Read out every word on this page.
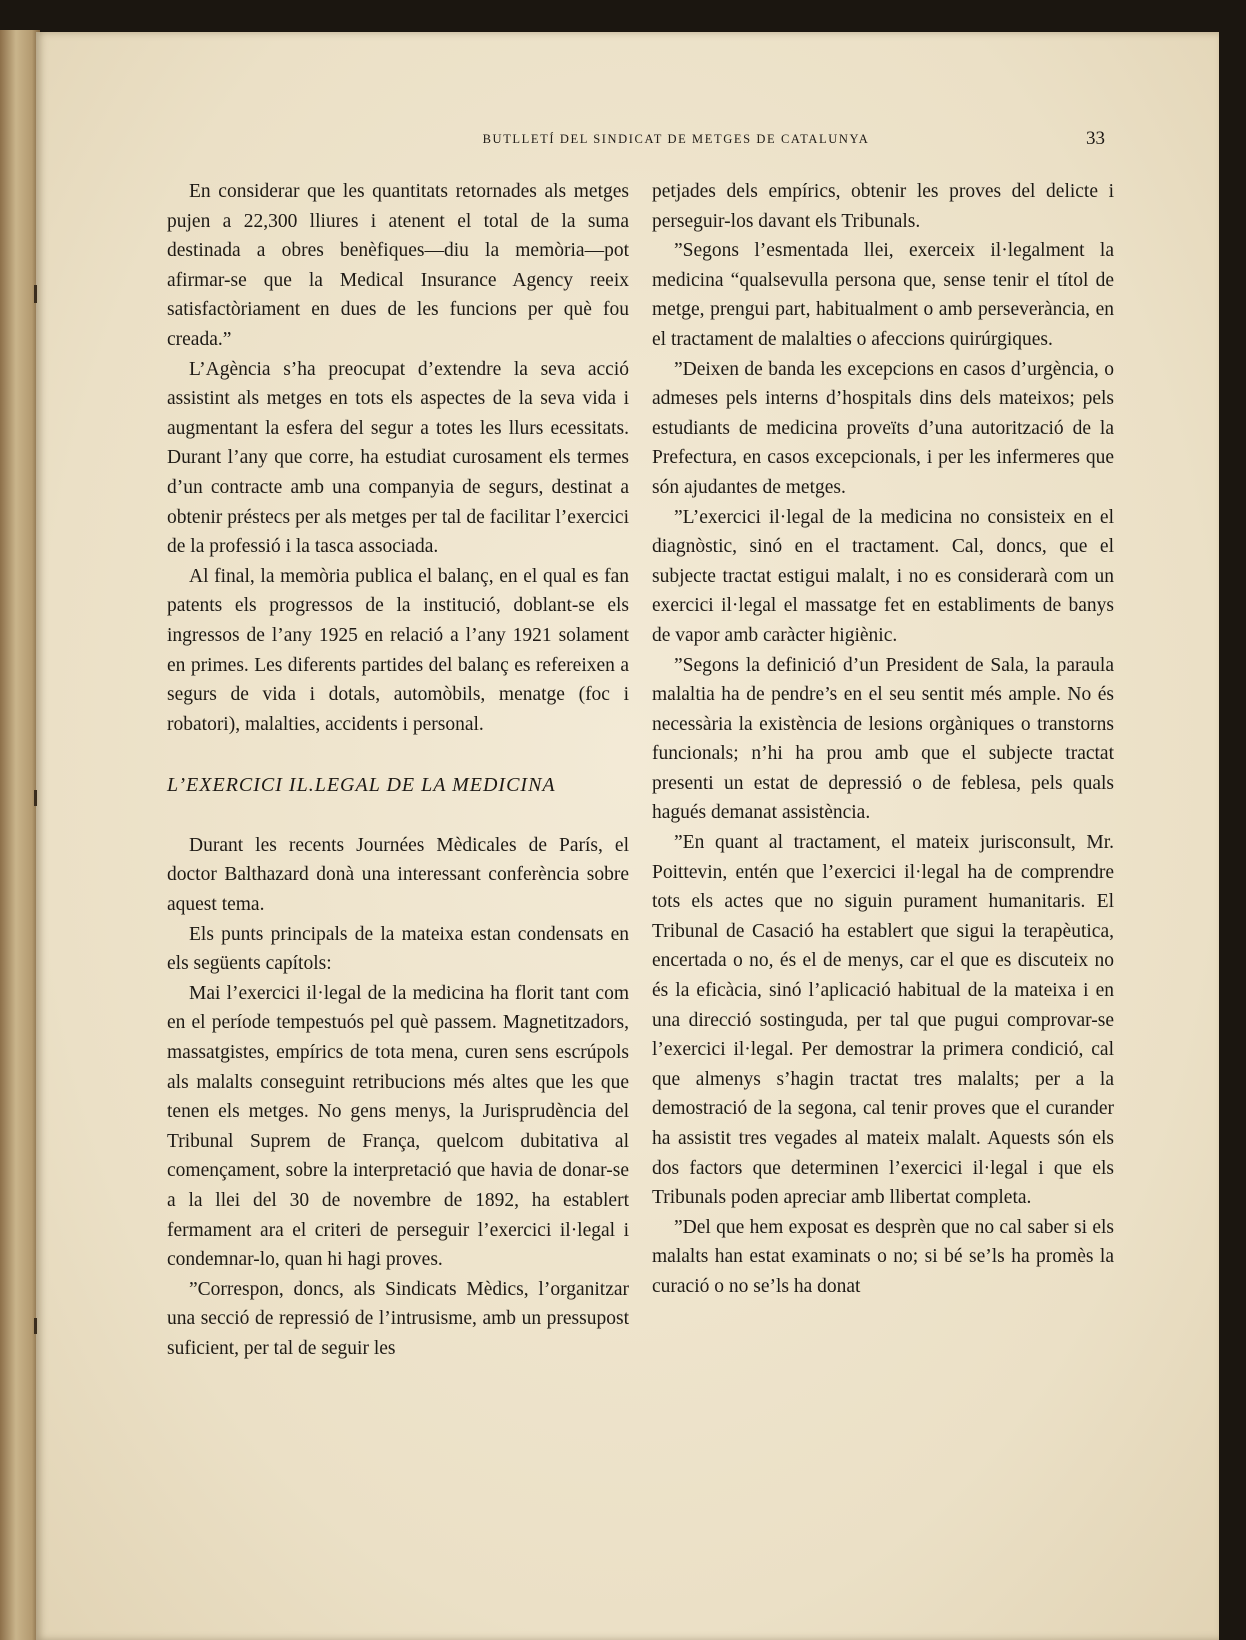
BUTLLETÍ DEL SINDICAT DE METGES DE CATALUNYA	33

En considerar que les quantitats retornades als metges pujen a 22,300 lliures i atenent el total de la suma destinada a obres benèfiques—diu la memòria—pot afirmar-se que la Medical Insurance Agency reeix satisfactòriament en dues de les funcions per què fou creada.”

L’Agència s’ha preocupat d’extendre la seva acció assistint als metges en tots els aspectes de la seva vida i augmentant la esfera del segur a totes les llurs ecessitats. Durant l’any que corre, ha estudiat curosament els termes d’un contracte amb una companyia de segurs, destinat a obtenir préstecs per als metges per tal de facilitar l’exercici de la professió i la tasca associada.

Al final, la memòria publica el balanç, en el qual es fan patents els progressos de la institució, doblant-se els ingressos de l’any 1925 en relació a l’any 1921 solament en primes. Les diferents partides del balanç es refereixen a segurs de vida i dotals, automòbils, menatge (foc i robatori), malalties, accidents i personal.

L’EXERCICI IL.LEGAL DE LA MEDICINA

Durant les recents Journées Mèdicales de París, el doctor Balthazard donà una interessant conferència sobre aquest tema.

Els punts principals de la mateixa estan condensats en els següents capítols:

Mai l’exercici il·legal de la medicina ha florit tant com en el període tempestuós pel què passem. Magnetitzadors, massatgistes, empírics de tota mena, curen sens escrúpols als malalts conseguint retribucions més altes que les que tenen els metges. No gens menys, la Jurisprudència del Tribunal Suprem de França, quelcom dubitativa al començament, sobre la interpretació que havia de donar-se a la llei del 30 de novembre de 1892, ha establert fermament ara el criteri de perseguir l’exercici il·legal i condemnar-lo, quan hi hagi proves.

”Correspon, doncs, als Sindicats Mèdics, l’organitzar una secció de repressió de l’intrusisme, amb un pressupost suficient, per tal de seguir les

petjades dels empírics, obtenir les proves del delicte i perseguir-los davant els Tribunals.

”Segons l’esmentada llei, exerceix il·legalment la medicina “qualsevulla persona que, sense tenir el títol de metge, prengui part, habitualment o amb perseverància, en el tractament de malalties o afeccions quirúrgiques.

”Deixen de banda les excepcions en casos d’urgència, o admeses pels interns d’hospitals dins dels mateixos; pels estudiants de medicina proveïts d’una autorització de la Prefectura, en casos excepcionals, i per les infermeres que són ajudantes de metges.

”L’exercici il·legal de la medicina no consisteix en el diagnòstic, sinó en el tractament. Cal, doncs, que el subjecte tractat estigui malalt, i no es considerarà com un exercici il·legal el massatge fet en establiments de banys de vapor amb caràcter higiènic.

”Segons la definició d’un President de Sala, la paraula malaltia ha de pendre’s en el seu sentit més ample. No és necessària la existència de lesions orgàniques o transtorns funcionals; n’hi ha prou amb que el subjecte tractat presenti un estat de depressió o de feblesa, pels quals hagués demanat assistència.

”En quant al tractament, el mateix jurisconsult, Mr. Poittevin, entén que l’exercici il·legal ha de comprendre tots els actes que no siguin purament humanitaris. El Tribunal de Casació ha establert que sigui la terapèutica, encertada o no, és el de menys, car el que es discuteix no és la eficàcia, sinó l’aplicació habitual de la mateixa i en una direcció sostinguda, per tal que pugui comprovar-se l’exercici il·legal. Per demostrar la primera condició, cal que almenys s’hagin tractat tres malalts; per a la demostració de la segona, cal tenir proves que el curander ha assistit tres vegades al mateix malalt. Aquests són els dos factors que determinen l’exercici il·legal i que els Tribunals poden apreciar amb llibertat completa.

”Del que hem exposat es desprèn que no cal saber si els malalts han estat examinats o no; si bé se’ls ha promès la curació o no se’ls ha donat
